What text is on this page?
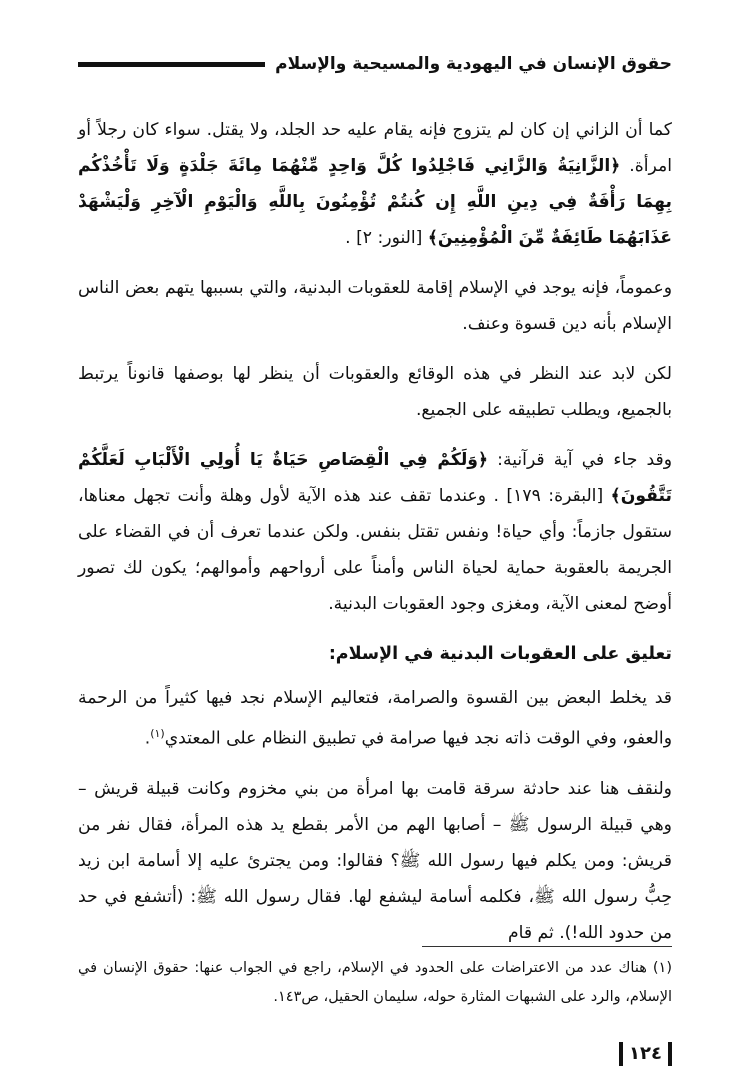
حقوق الإنسان في اليهودية والمسيحية والإسلام

كما أن الزاني إن كان لم يتزوج فإنه يقام عليه حد الجلد، ولا يقتل. سواء كان رجلاً أو امرأة. ﴿الزَّانِيَةُ وَالزَّانِي فَاجْلِدُوا كُلَّ وَاحِدٍ مِّنْهُمَا مِائَةَ جَلْدَةٍ وَلَا تَأْخُذْكُم بِهِمَا رَأْفَةٌ فِي دِينِ اللَّهِ إِن كُنتُمْ تُؤْمِنُونَ بِاللَّهِ وَالْيَوْمِ الْآخِرِ وَلْيَشْهَدْ عَذَابَهُمَا طَائِفَةٌ مِّنَ الْمُؤْمِنِينَ﴾ [النور: ٢] .

وعموماً، فإنه يوجد في الإسلام إقامة للعقوبات البدنية، والتي بسببها يتهم بعض الناس الإسلام بأنه دين قسوة وعنف.

لكن لابد عند النظر في هذه الوقائع والعقوبات أن ينظر لها بوصفها قانوناً يرتبط بالجميع، ويطلب تطبيقه على الجميع.

وقد جاء في آية قرآنية: ﴿وَلَكُمْ فِي الْقِصَاصِ حَيَاةٌ يَا أُولِي الْأَلْبَابِ لَعَلَّكُمْ تَتَّقُونَ﴾ [البقرة: ١٧٩] . وعندما تقف عند هذه الآية لأول وهلة وأنت تجهل معناها، ستقول جازماً: وأي حياة! ونفس تقتل بنفس. ولكن عندما تعرف أن في القضاء على الجريمة بالعقوبة حماية لحياة الناس وأمناً على أرواحهم وأموالهم؛ يكون لك تصور أوضح لمعنى الآية، ومغزى وجود العقوبات البدنية.

تعليق على العقوبات البدنية في الإسلام:

قد يخلط البعض بين القسوة والصرامة، فتعاليم الإسلام نجد فيها كثيراً من الرحمة والعفو، وفي الوقت ذاته نجد فيها صرامة في تطبيق النظام على المعتدي$^{(١)}$.

ولنقف هنا عند حادثة سرقة قامت بها امرأة من بني مخزوم وكانت قبيلة قريش – وهي قبيلة الرسول ﷺ – أصابها الهم من الأمر بقطع يد هذه المرأة، فقال نفر من قريش: ومن يكلم فيها رسول الله ﷺ؟ فقالوا: ومن يجترئ عليه إلا أسامة ابن زيد حِبُّ رسول الله ﷺ، فكلمه أسامة ليشفع لها. فقال رسول الله ﷺ: (أتشفع في حد من حدود الله!). ثم قام

(١) هناك عدد من الاعتراضات على الحدود في الإسلام، راجع في الجواب عنها: حقوق الإنسان في الإسلام، والرد على الشبهات المثارة حوله، سليمان الحقيل، ص١٤٣.
١٢٤
